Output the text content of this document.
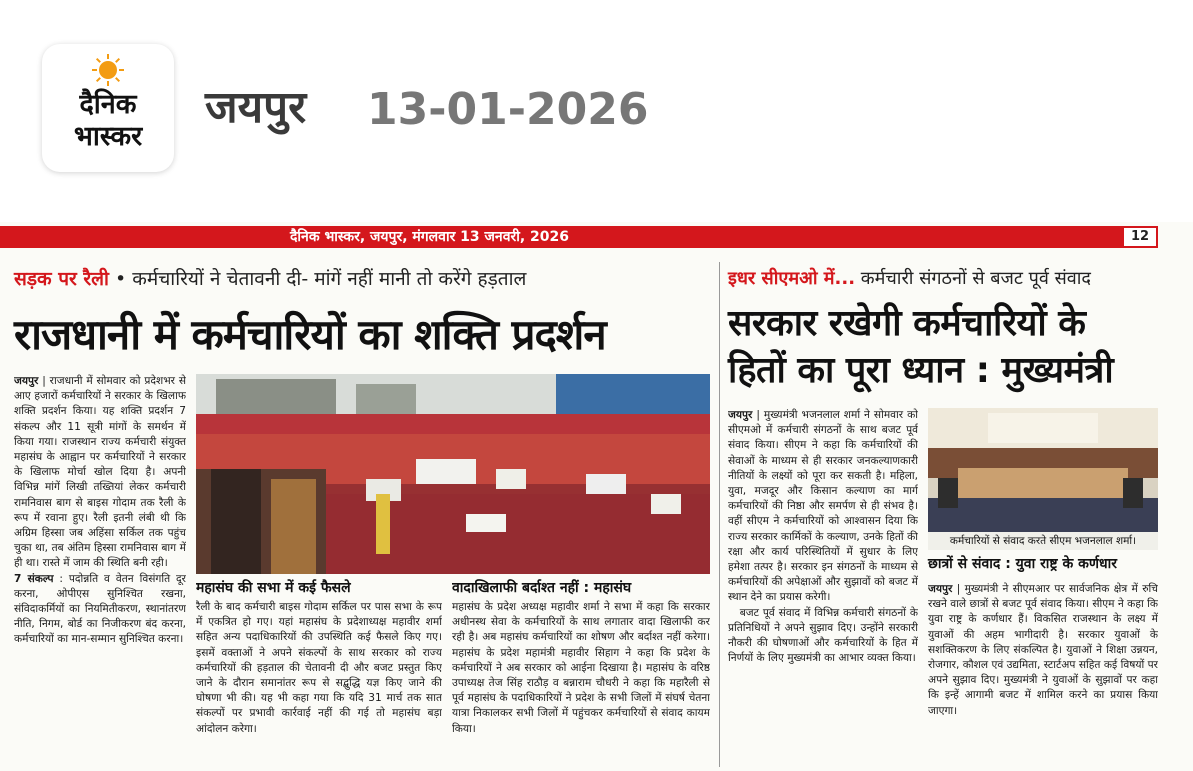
दैनिक
भास्कर
जयपुर 13-01-2026
दैनिक भास्कर, जयपुर, मंगलवार 13 जनवरी, 2026	12
सड़क पर रैली • कर्मचारियों ने चेतावनी दी- मांगें नहीं मानी तो करेंगे हड़ताल
राजधानी में कर्मचारियों का शक्ति प्रदर्शन
इधर सीएमओ में... कर्मचारी संगठनों से बजट पूर्व संवाद
सरकार रखेगी कर्मचारियों के
हितों का पूरा ध्यान : मुख्यमंत्री
जयपुर | राजधानी में सोमवार को प्रदेशभर से आए हजारों कर्मचारियों ने सरकार के खिलाफ शक्ति प्रदर्शन किया। यह शक्ति प्रदर्शन 7 संकल्प और 11 सूत्री मांगों के समर्थन में किया गया। राजस्थान राज्य कर्मचारी संयुक्त महासंघ के आह्वान पर कर्मचारियों ने सरकार के खिलाफ मोर्चा खोल दिया है। अपनी विभिन्न मांगें लिखी तख्तियां लेकर कर्मचारी रामनिवास बाग से बाइस गोदाम तक रैली के रूप में रवाना हुए। रैली इतनी लंबी थी कि अग्रिम हिस्सा जब अहिंसा सर्किल तक पहुंच चुका था, तब अंतिम हिस्सा रामनिवास बाग में ही था। रास्ते में जाम की स्थिति बनी रही।
7 संकल्प : पदोन्नति व वेतन विसंगति दूर करना, ओपीएस सुनिश्चित रखना, संविदाकर्मियों का नियमितीकरण, स्थानांतरण नीति, निगम, बोर्ड का निजीकरण बंद करना, कर्मचारियों का मान-सम्मान सुनिश्चित करना।
महासंघ की सभा में कई फैसले
रैली के बाद कर्मचारी बाइस गोदाम सर्किल पर पास सभा के रूप में एकत्रित हो गए। यहां महासंघ के प्रदेशाध्यक्ष महावीर शर्मा सहित अन्य पदाधिकारियों की उपस्थिति कई फैसले किए गए। इसमें वक्ताओं ने अपने संकल्पों के साथ सरकार को राज्य कर्मचारियों की हड़ताल की चेतावनी दी और बजट प्रस्तुत किए जाने के दौरान समानांतर रूप से सद्बुद्धि यज्ञ किए जाने की घोषणा भी की। यह भी कहा गया कि यदि 31 मार्च तक सात संकल्पों पर प्रभावी कार्रवाई नहीं की गई तो महासंघ बड़ा आंदोलन करेगा।
वादाखिलाफी बर्दाश्त नहीं : महासंघ
महासंघ के प्रदेश अध्यक्ष महावीर शर्मा ने सभा में कहा कि सरकार अधीनस्थ सेवा के कर्मचारियों के साथ लगातार वादा खिलाफी कर रही है। अब महासंघ कर्मचारियों का शोषण और बर्दाश्त नहीं करेगा। महासंघ के प्रदेश महामंत्री महावीर सिहाग ने कहा कि प्रदेश के कर्मचारियों ने अब सरकार को आईना दिखाया है। महासंघ के वरिष्ठ उपाध्यक्ष तेज सिंह राठौड़ व बन्नाराम चौधरी ने कहा कि महारैली से पूर्व महासंघ के पदाधिकारियों ने प्रदेश के सभी जिलों में संघर्ष चेतना यात्रा निकालकर सभी जिलों में पहुंचकर कर्मचारियों से संवाद कायम किया।
जयपुर | मुख्यमंत्री भजनलाल शर्मा ने सोमवार को सीएमओ में कर्मचारी संगठनों के साथ बजट पूर्व संवाद किया। सीएम ने कहा कि कर्मचारियों की सेवाओं के माध्यम से ही सरकार जनकल्याणकारी नीतियों के लक्ष्यों को पूरा कर सकती है। महिला, युवा, मजदूर और किसान कल्याण का मार्ग कर्मचारियों की निष्ठा और समर्पण से ही संभव है। वहीं सीएम ने कर्मचारियों को आश्वासन दिया कि राज्य सरकार कार्मिकों के कल्याण, उनके हितों की रक्षा और कार्य परिस्थितियों में सुधार के लिए हमेशा तत्पर है। सरकार इन संगठनों के माध्यम से कर्मचारियों की अपेक्षाओं और सुझावों को बजट में स्थान देने का प्रयास करेगी।
बजट पूर्व संवाद में विभिन्न कर्मचारी संगठनों के प्रतिनिधियों ने अपने सुझाव दिए। उन्होंने सरकारी नौकरी की घोषणाओं और कर्मचारियों के हित में निर्णयों के लिए मुख्यमंत्री का आभार व्यक्त किया।
कर्मचारियों से संवाद करते सीएम भजनलाल शर्मा।
छात्रों से संवाद : युवा राष्ट्र के कर्णधार
जयपुर | मुख्यमंत्री ने सीएमआर पर सार्वजनिक क्षेत्र में रुचि रखने वाले छात्रों से बजट पूर्व संवाद किया। सीएम ने कहा कि युवा राष्ट्र के कर्णधार हैं। विकसित राजस्थान के लक्ष्य में युवाओं की अहम भागीदारी है। सरकार युवाओं के सशक्तिकरण के लिए संकल्पित है। युवाओं ने शिक्षा उन्नयन, रोजगार, कौशल एवं उद्यमिता, स्टार्टअप सहित कई विषयों पर अपने सुझाव दिए। मुख्यमंत्री ने युवाओं के सुझावों पर कहा कि इन्हें आगामी बजट में शामिल करने का प्रयास किया जाएगा।
